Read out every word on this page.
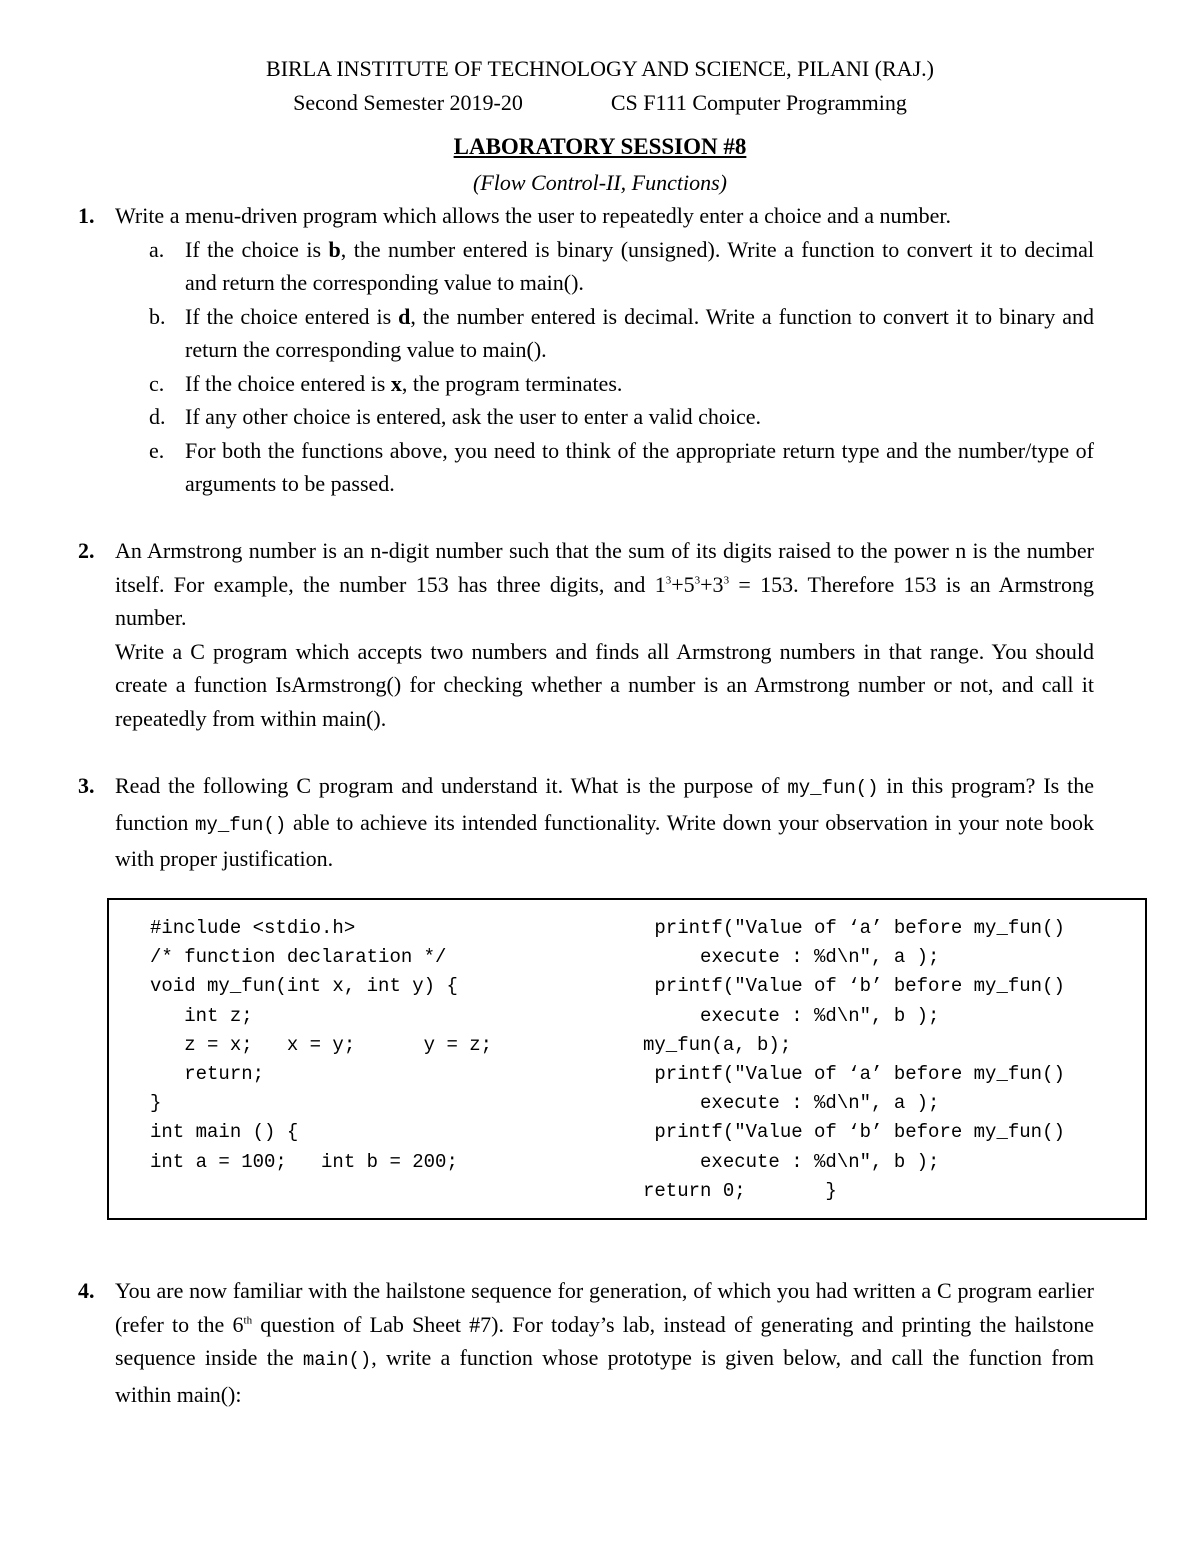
BIRLA INSTITUTE OF TECHNOLOGY AND SCIENCE, PILANI (RAJ.)
Second Semester 2019-20	CS F111 Computer Programming
LABORATORY SESSION #8
(Flow Control-II, Functions)
1. Write a menu-driven program which allows the user to repeatedly enter a choice and a number.
a. If the choice is b, the number entered is binary (unsigned). Write a function to convert it to decimal and return the corresponding value to main().
b. If the choice entered is d, the number entered is decimal. Write a function to convert it to binary and return the corresponding value to main().
c. If the choice entered is x, the program terminates.
d. If any other choice is entered, ask the user to enter a valid choice.
e. For both the functions above, you need to think of the appropriate return type and the number/type of arguments to be passed.
2. An Armstrong number is an n-digit number such that the sum of its digits raised to the power n is the number itself. For example, the number 153 has three digits, and $1^3+5^3+3^3 = 153$. Therefore 153 is an Armstrong number.
Write a C program which accepts two numbers and finds all Armstrong numbers in that range. You should create a function IsArmstrong() for checking whether a number is an Armstrong number or not, and call it repeatedly from within main().
3. Read the following C program and understand it. What is the purpose of my_fun() in this program? Is the function my_fun() able to achieve its intended functionality. Write down your observation in your note book with proper justification.
#include <stdio.h>
/* function declaration */
void my_fun(int x, int y) {
int z;
z = x;   x = y;      y = z;
return;
}
int main () {
int a = 100;   int b = 200;
printf("Value of ‘a’ before my_fun()
execute : %d\n", a );
printf("Value of ‘b’ before my_fun()
execute : %d\n", b );
my_fun(a, b);
printf("Value of ‘a’ before my_fun()
execute : %d\n", a );
printf("Value of ‘b’ before my_fun()
execute : %d\n", b );
return 0;       }
4. You are now familiar with the hailstone sequence for generation, of which you had written a C program earlier (refer to the 6th question of Lab Sheet #7). For today’s lab, instead of generating and printing the hailstone sequence inside the main(), write a function whose prototype is given below, and call the function from within main():
